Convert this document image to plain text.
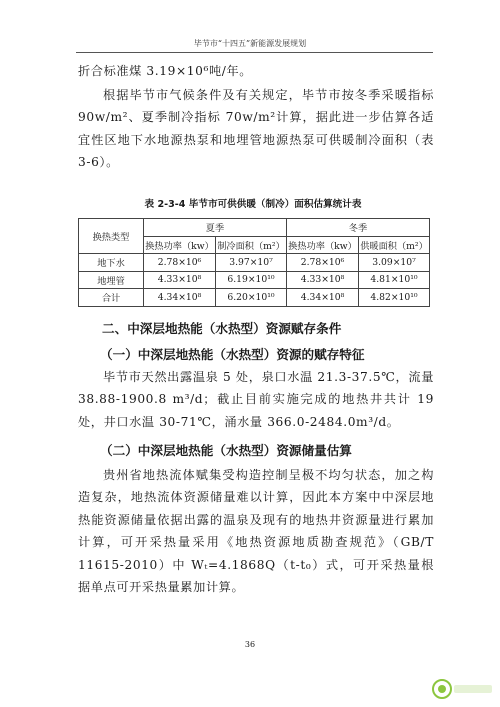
毕节市“十四五”新能源发展规划
折合标准煤 3.19×10⁶吨/年。
根据毕节市气候条件及有关规定，毕节市按冬季采暖指标 90w/m²、夏季制冷指标 70w/m²计算，据此进一步估算各适宜性区地下水地源热泵和地埋管地源热泵可供暖制冷面积（表 3-6）。
表 2-3-4 毕节市可供供暖（制冷）面积估算统计表
换热类型	夏季		冬季	
	换热功率（kw）	制冷面积（m²）	换热功率（kw）	供暖面积（m²）
地下水	2.78×10⁶	3.97×10⁷	2.78×10⁶	3.09×10⁷
地埋管	4.33×10⁸	6.19×10¹⁰	4.33×10⁸	4.81×10¹⁰
合计	4.34×10⁸	6.20×10¹⁰	4.34×10⁸	4.82×10¹⁰
二、中深层地热能（水热型）资源赋存条件
（一）中深层地热能（水热型）资源的赋存特征
毕节市天然出露温泉 5 处，泉口水温 21.3-37.5℃，流量 38.88-1900.8 m³/d；截止目前实施完成的地热井共计 19 处，井口水温 30-71℃，涌水量 366.0-2484.0m³/d。
（二）中深层地热能（水热型）资源储量估算
贵州省地热流体赋集受构造控制呈极不均匀状态，加之构造复杂，地热流体资源储量难以计算，因此本方案中中深层地热能资源储量依据出露的温泉及现有的地热井资源量进行累加计算，可开采热量采用《地热资源地质勘查规范》（GB/T 11615-2010）中 Wₜ=4.1868Q（t-t₀）式，可开采热量根据单点可开采热量累加计算。
36
